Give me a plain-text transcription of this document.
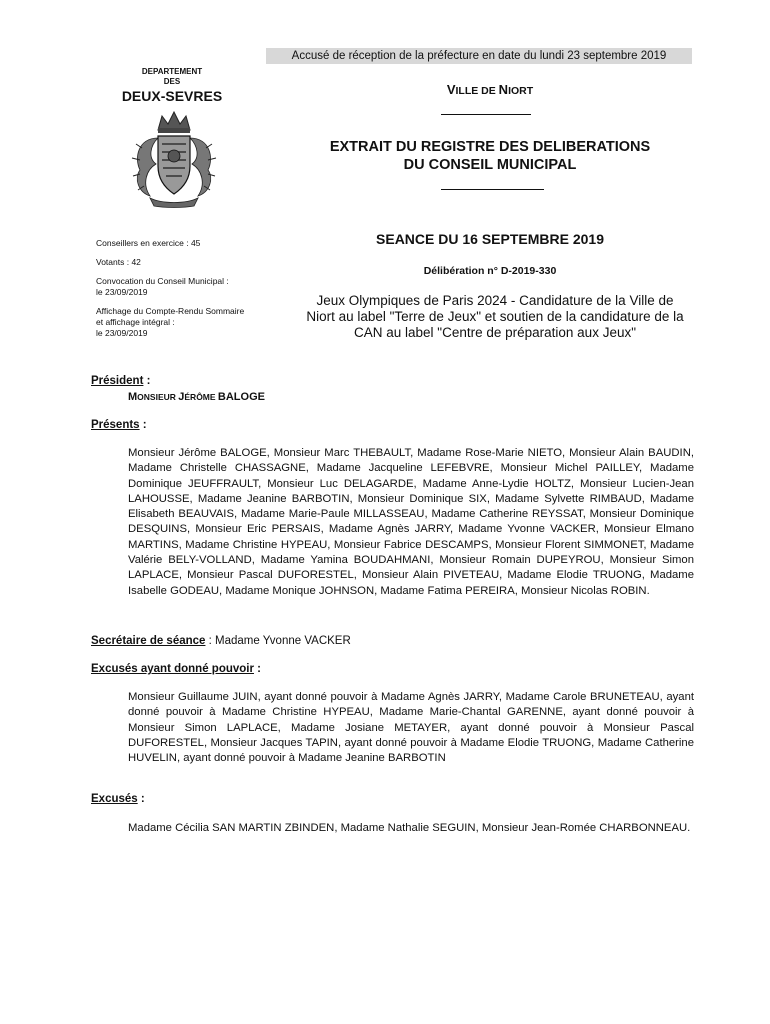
Accusé de réception de la préfecture en date du lundi 23 septembre 2019
DEPARTEMENT
DES
DEUX-SEVRES	VILLE DE NIORT
EXTRAIT DU REGISTRE DES DELIBERATIONS
DU CONSEIL MUNICIPAL
Conseillers en exercice : 45
Votants : 42
Convocation du Conseil Municipal :
le 23/09/2019
Affichage du Compte-Rendu Sommaire
et affichage intégral :
le 23/09/2019
SEANCE DU 16 SEPTEMBRE 2019
Délibération n° D-2019-330
Jeux Olympiques de Paris 2024 - Candidature de la Ville de
Niort au label "Terre de Jeux" et soutien de la candidature de la
CAN au label "Centre de préparation aux Jeux"
Président :
MONSIEUR JÉRÔME BALOGE
Présents :
Monsieur Jérôme BALOGE, Monsieur Marc THEBAULT, Madame Rose-Marie NIETO, Monsieur Alain BAUDIN, Madame Christelle CHASSAGNE, Madame Jacqueline LEFEBVRE, Monsieur Michel PAILLEY, Madame Dominique JEUFFRAULT, Monsieur Luc DELAGARDE, Madame Anne-Lydie HOLTZ, Monsieur Lucien-Jean LAHOUSSE, Madame Jeanine BARBOTIN, Monsieur Dominique SIX, Madame Sylvette RIMBAUD, Madame Elisabeth BEAUVAIS, Madame Marie-Paule MILLASSEAU, Madame Catherine REYSSAT, Monsieur Dominique DESQUINS, Monsieur Eric PERSAIS, Madame Agnès JARRY, Madame Yvonne VACKER, Monsieur Elmano MARTINS, Madame Christine HYPEAU, Monsieur Fabrice DESCAMPS, Monsieur Florent SIMMONET, Madame Valérie BELY-VOLLAND, Madame Yamina BOUDAHMANI, Monsieur Romain DUPEYROU, Monsieur Simon LAPLACE, Monsieur Pascal DUFORESTEL, Monsieur Alain PIVETEAU, Madame Elodie TRUONG, Madame Isabelle GODEAU, Madame Monique JOHNSON, Madame Fatima PEREIRA, Monsieur Nicolas ROBIN.
Secrétaire de séance : Madame Yvonne VACKER
Excusés ayant donné pouvoir :
Monsieur Guillaume JUIN, ayant donné pouvoir à Madame Agnès JARRY, Madame Carole BRUNETEAU, ayant donné pouvoir à Madame Christine HYPEAU, Madame Marie-Chantal GARENNE, ayant donné pouvoir à Monsieur Simon LAPLACE, Madame Josiane METAYER, ayant donné pouvoir à Monsieur Pascal DUFORESTEL, Monsieur Jacques TAPIN, ayant donné pouvoir à Madame Elodie TRUONG, Madame Catherine HUVELIN, ayant donné pouvoir à Madame Jeanine BARBOTIN
Excusés :
Madame Cécilia SAN MARTIN ZBINDEN, Madame Nathalie SEGUIN, Monsieur Jean-Romée CHARBONNEAU.
